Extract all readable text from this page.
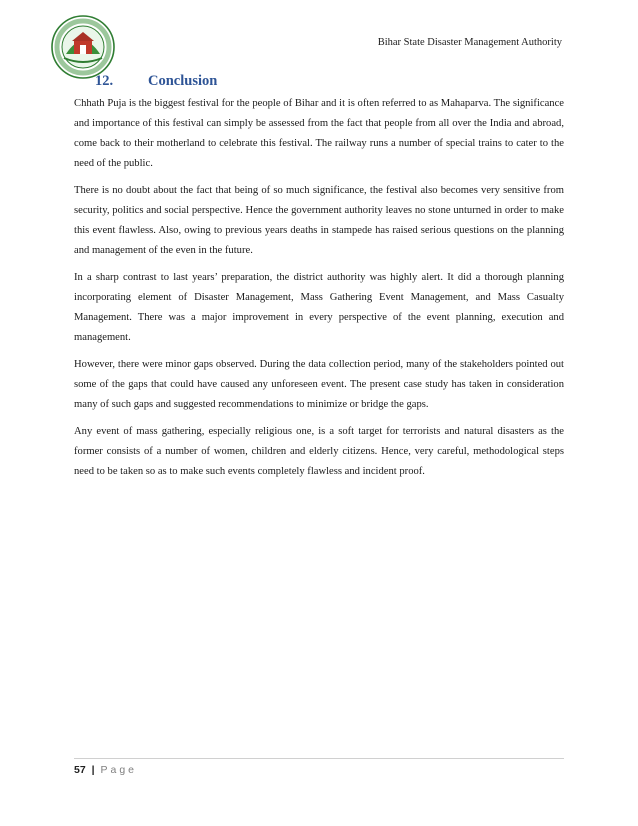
Bihar State Disaster Management Authority
12.	Conclusion

Chhath Puja is the biggest festival for the people of Bihar and it is often referred to as Mahaparva. The significance and importance of this festival can simply be assessed from the fact that people from all over the India and abroad, come back to their motherland to celebrate this festival. The railway runs a number of special trains to cater to the need of the public.

There is no doubt about the fact that being of so much significance, the festival also becomes very sensitive from security, politics and social perspective. Hence the government authority leaves no stone unturned in order to make this event flawless. Also, owing to previous years deaths in stampede has raised serious questions on the planning and management of the even in the future.

In a sharp contrast to last years’ preparation, the district authority was highly alert. It did a thorough planning incorporating element of Disaster Management, Mass Gathering Event Management, and Mass Casualty Management. There was a major improvement in every perspective of the event planning, execution and management.

However, there were minor gaps observed. During the data collection period, many of the stakeholders pointed out some of the gaps that could have caused any unforeseen event. The present case study has taken in consideration many of such gaps and suggested recommendations to minimize or bridge the gaps.

Any event of mass gathering, especially religious one, is a soft target for terrorists and natural disasters as the former consists of a number of women, children and elderly citizens. Hence, very careful, methodological steps need to be taken so as to make such events completely flawless and incident proof.

57 | Page
